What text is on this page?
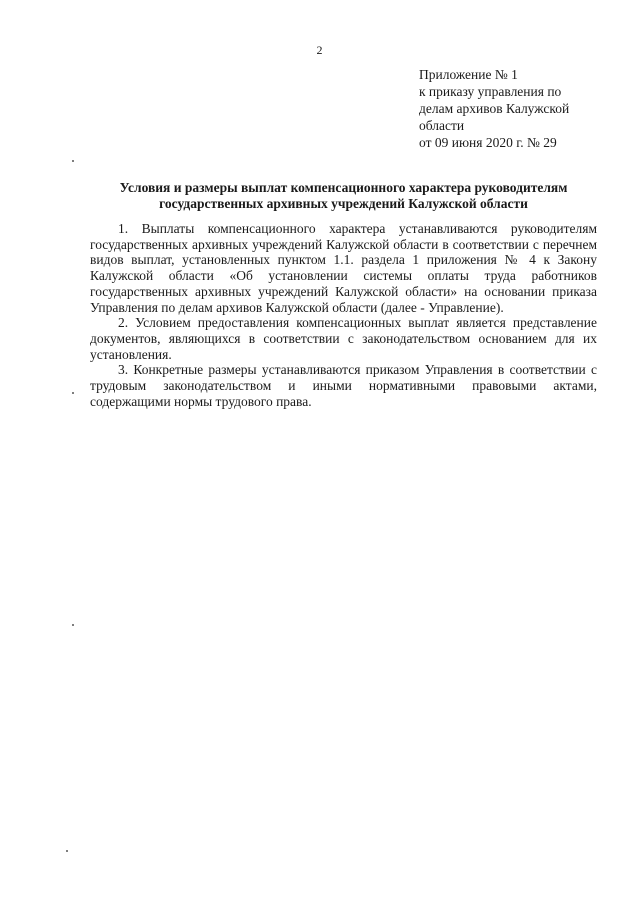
2
Приложение № 1
к приказу управления по
делам архивов Калужской
области
от 09 июня 2020 г. № 29
Условия и размеры выплат компенсационного характера руководителям
государственных архивных учреждений Калужской области

1. Выплаты компенсационного характера устанавливаются руководителям государственных архивных учреждений Калужской области в соответствии с перечнем видов выплат, установленных пунктом 1.1. раздела 1 приложения № 4 к Закону Калужской области «Об установлении системы оплаты труда работников государственных архивных учреждений Калужской области» на основании приказа Управления по делам архивов Калужской области (далее - Управление).

2. Условием предоставления компенсационных выплат является представление документов, являющихся в соответствии с законодательством основанием для их установления.

3. Конкретные размеры устанавливаются приказом Управления в соответствии с трудовым законодательством и иными нормативными правовыми актами, содержащими нормы трудового права.
